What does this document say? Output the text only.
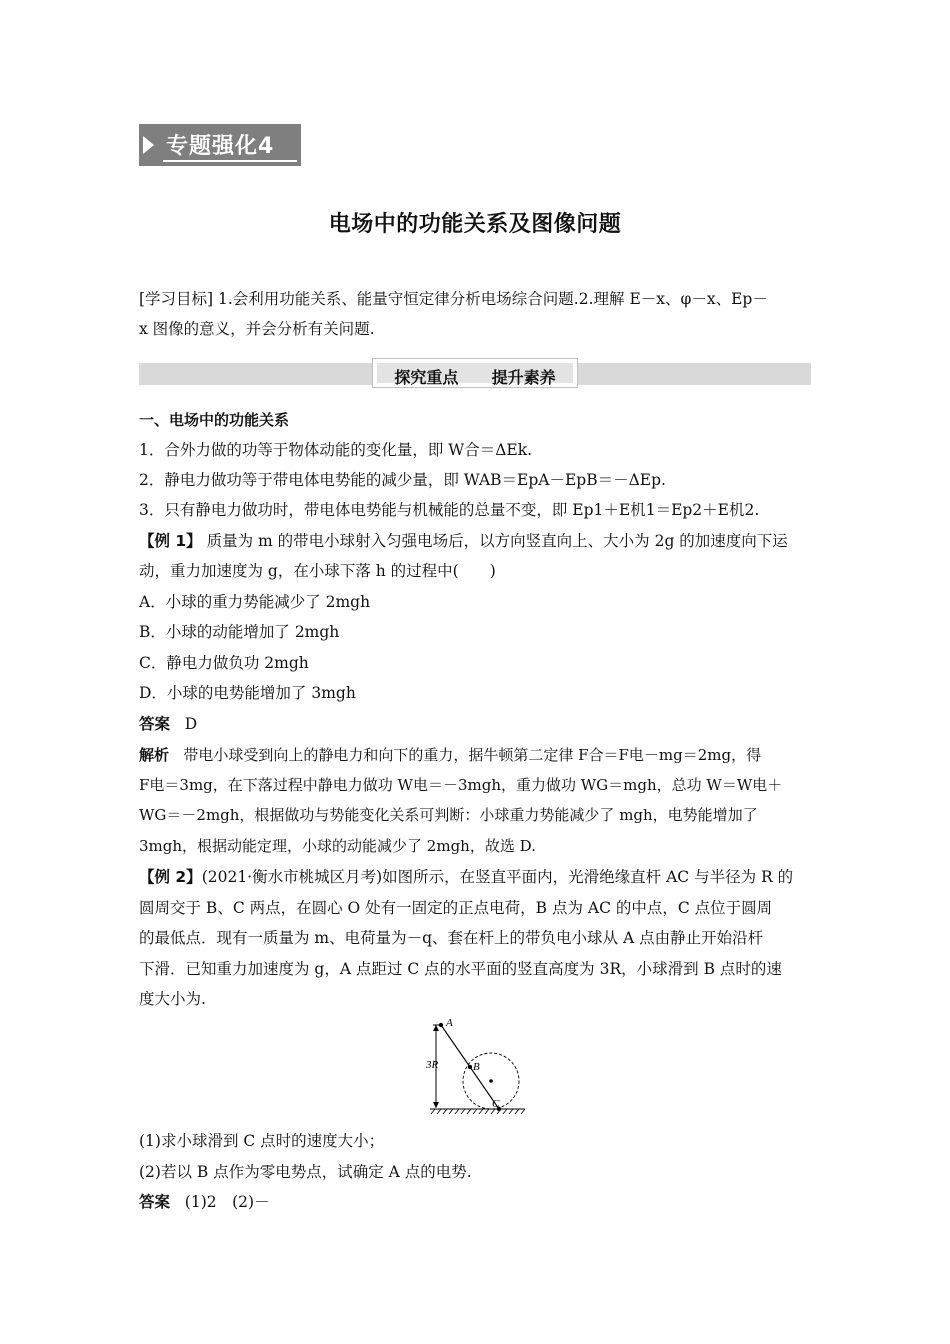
专题强化4
电场中的功能关系及图像问题
[学习目标] 1.会利用功能关系、能量守恒定律分析电场综合问题.2.理解 E－x、φ－x、Ep－
x 图像的意义，并会分析有关问题.
探究重点 提升素养
一、电场中的功能关系
1．合外力做的功等于物体动能的变化量，即 W合＝ΔEk.
2．静电力做功等于带电体电势能的减少量，即 WAB＝EpA－EpB＝－ΔEp.
3．只有静电力做功时，带电体电势能与机械能的总量不变，即 Ep1＋E机1＝Ep2＋E机2.
【例 1】 质量为 m 的带电小球射入匀强电场后，以方向竖直向上、大小为 2g 的加速度向下运
动，重力加速度为 g，在小球下落 h 的过程中(　　)
A．小球的重力势能减少了 2mgh
B．小球的动能增加了 2mgh
C．静电力做负功 2mgh
D．小球的电势能增加了 3mgh
答案 D
解析 带电小球受到向上的静电力和向下的重力，据牛顿第二定律 F合＝F电－mg＝2mg，得
F电＝3mg，在下落过程中静电力做功 W电＝－3mgh，重力做功 WG＝mgh，总功 W＝W电＋
WG＝－2mgh，根据做功与势能变化关系可判断：小球重力势能减少了 mgh，电势能增加了
3mgh，根据动能定理，小球的动能减少了 2mgh，故选 D.
【例 2】(2021·衡水市桃城区月考)如图所示，在竖直平面内，光滑绝缘直杆 AC 与半径为 R 的
圆周交于 B、C 两点，在圆心 O 处有一固定的正点电荷，B 点为 AC 的中点，C 点位于圆周
的最低点．现有一质量为 m、电荷量为－q、套在杆上的带负电小球从 A 点由静止开始沿杆
下滑．已知重力加速度为 g，A 点距过 C 点的水平面的竖直高度为 3R，小球滑到 B 点时的速
度大小为.
3R
A
B
C
(1)求小球滑到 C 点时的速度大小；
(2)若以 B 点作为零电势点，试确定 A 点的电势.
答案 (1)2　(2)－
